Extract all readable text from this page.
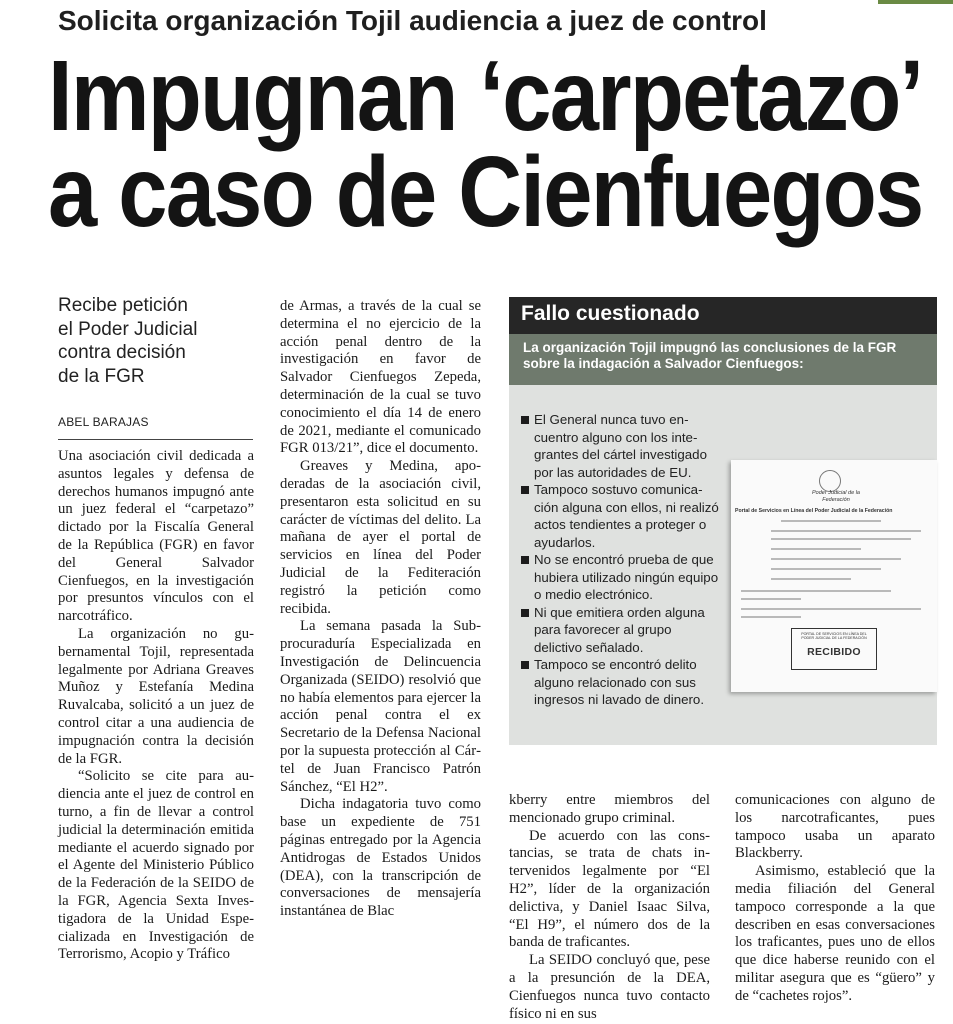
Solicita organización Tojil audiencia a juez de control
Impugnan ‘carpetazo’
a caso de Cienfuegos
Recibe petición
el Poder Judicial
contra decisión
de la FGR
ABEL BARAJAS

Una asociación civil dedicada a asuntos legales y defensa de derechos humanos impugnó ante un juez federal el “carpetazo” dictado por la Fiscalía General de la República (FGR) en favor del General Salvador Cienfuegos, en la investigación por presuntos vínculos con el narcotráfico.

La organización no gubernamental Tojil, representada legalmente por Adriana Greaves Muñoz y Estefanía Medina Ruvalcaba, solicitó a un juez de control citar a una audiencia de impugnación contra la decisión de la FGR.

“Solicito se cite para audiencia ante el juez de control en turno, a fin de llevar a control judicial la determinación emitida mediante el acuerdo signado por el Agente del Ministerio Público de la Federación de la SEIDO de la FGR, Agencia Sexta Investigadora de la Unidad Especializada en Investigación de Terrorismo, Acopio y Tráfico

de Armas, a través de la cual se determina el no ejercicio de la acción penal dentro de la investigación en favor de Salvador Cienfuegos Zepeda, determinación de la cual se tuvo conocimiento el día 14 de enero de 2021, mediante el comunicado FGR 013/21”, dice el documento.

Greaves y Medina, apoderadas de la asociación civil, presentaron esta solicitud en su carácter de víctimas del delito. La mañana de ayer el portal de servicios en línea del Poder Judicial de la Fediteración registró la petición como recibida.

La semana pasada la Subprocuraduría Especializada en Investigación de Delincuencia Organizada (SEIDO) resolvió que no había elementos para ejercer la acción penal contra el ex Secretario de la Defensa Nacional por la supuesta protección al Cártel de Juan Francisco Patrón Sánchez, “El H2”.

Dicha indagatoria tuvo como base un expediente de 751 páginas entregado por la Agencia Antidrogas de Estados Unidos (DEA), con la transcripción de conversaciones de mensajería instantánea de Blac

Fallo cuestionado
La organización Tojil impugnó las conclusiones de la FGR sobre la indagación a Salvador Cienfuegos:
El General nunca tuvo encuentro alguno con los integrantes del cártel investigado por las autoridades de EU.
Tampoco sostuvo comunicación alguna con ellos, ni realizó actos tendientes a proteger o ayudarlos.
No se encontró prueba de que hubiera utilizado ningún equipo o medio electrónico.
Ni que emitiera orden alguna para favorecer al grupo delictivo señalado.
Tampoco se encontró delito alguno relacionado con sus ingresos ni lavado de dinero.
Poder Judicial de la Federación
Portal de Servicios en Línea del Poder Judicial de la Federación
PORTAL DE SERVICIOS EN LÍNEA DEL PODER JUDICIAL DE LA FEDERACIÓN
RECIBIDO

kberry entre miembros del mencionado grupo criminal.

De acuerdo con las constancias, se trata de chats intervenidos legalmente por “El H2”, líder de la organización delictiva, y Daniel Isaac Silva, “El H9”, el número dos de la banda de traficantes.

La SEIDO concluyó que, pese a la presunción de la DEA, Cienfuegos nunca tuvo contacto físico ni en sus

comunicaciones con alguno de los narcotraficantes, pues tampoco usaba un aparato Blackberry.

Asimismo, estableció que la media filiación del General tampoco corresponde a la que describen en esas conversaciones los traficantes, pues uno de ellos que dice haberse reunido con el militar asegura que es “güero” y de “cachetes rojos”.
